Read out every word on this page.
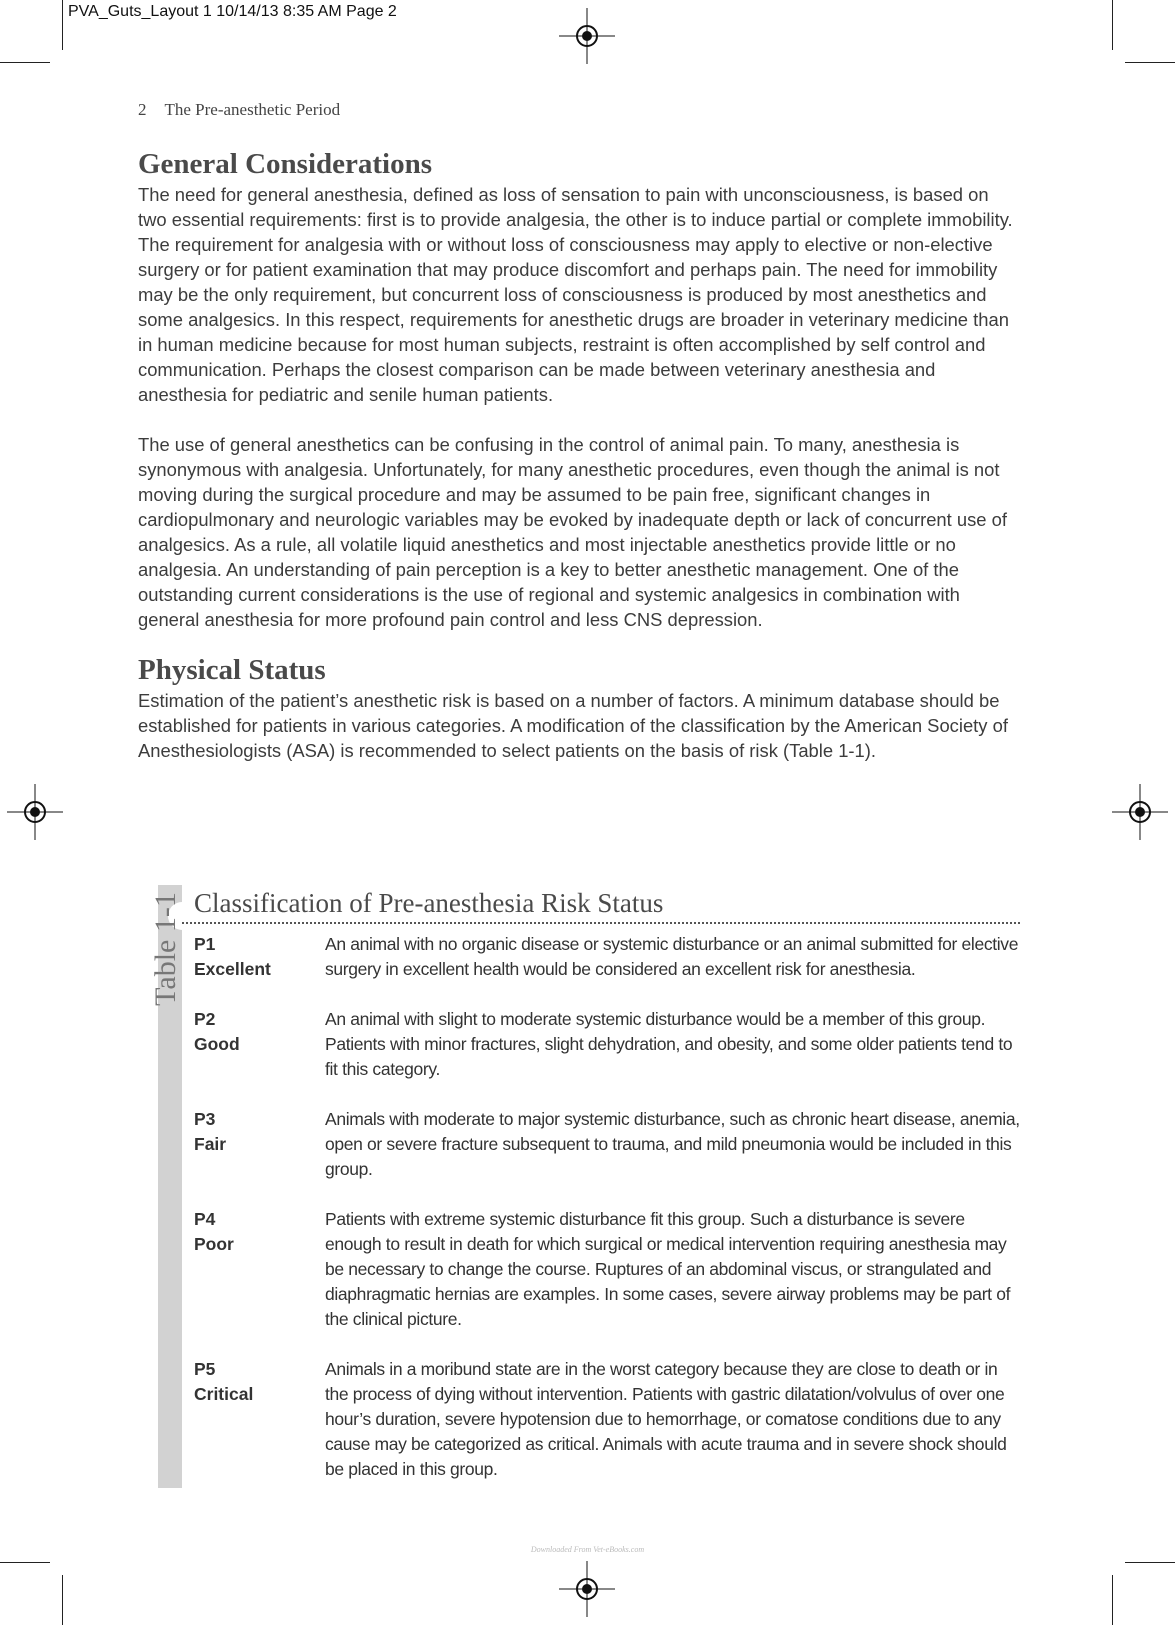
PVA_Guts_Layout 1 10/14/13 8:35 AM Page 2
2 The Pre-anesthetic Period
General Considerations

The need for general anesthesia, defined as loss of sensation to pain with unconsciousness, is based on two essential requirements: first is to provide analgesia, the other is to induce partial or complete immobility. The requirement for analgesia with or without loss of consciousness may apply to elective or non-elective surgery or for patient examination that may produce discomfort and perhaps pain. The need for immobility may be the only requirement, but concurrent loss of consciousness is produced by most anesthetics and some analgesics. In this respect, requirements for anesthetic drugs are broader in veterinary medicine than in human medicine because for most human subjects, restraint is often accomplished by self control and communication. Perhaps the closest comparison can be made between veterinary anesthesia and anesthesia for pediatric and senile human patients.

The use of general anesthetics can be confusing in the control of animal pain. To many, anesthesia is synonymous with analgesia. Unfortunately, for many anesthetic procedures, even though the animal is not moving during the surgical procedure and may be assumed to be pain free, significant changes in cardiopulmonary and neurologic variables may be evoked by inadequate depth or lack of concurrent use of analgesics. As a rule, all volatile liquid anesthetics and most injectable anesthetics provide little or no analgesia. An understanding of pain perception is a key to better anesthetic management. One of the outstanding current considerations is the use of regional and systemic analgesics in combination with general anesthesia for more profound pain control and less CNS depression.

Physical Status

Estimation of the patient’s anesthetic risk is based on a number of factors. A minimum database should be established for patients in various categories. A modification of the classification by the American Society of Anesthesiologists (ASA) is recommended to select patients on the basis of risk (Table 1-1).

Table 1-1 Classification of Pre-anesthesia Risk Status
P1
Excellent
An animal with no organic disease or systemic disturbance or an animal submitted for elective surgery in excellent health would be considered an excellent risk for anesthesia.
P2
Good
An animal with slight to moderate systemic disturbance would be a member of this group. Patients with minor fractures, slight dehydration, and obesity, and some older patients tend to fit this category.
P3
Fair
Animals with moderate to major systemic disturbance, such as chronic heart disease, anemia, open or severe fracture subsequent to trauma, and mild pneumonia would be included in this group.
P4
Poor
Patients with extreme systemic disturbance fit this group. Such a disturbance is severe enough to result in death for which surgical or medical intervention requiring anesthesia may be necessary to change the course. Ruptures of an abdominal viscus, or strangulated and diaphragmatic hernias are examples. In some cases, severe airway problems may be part of the clinical picture.
P5
Critical
Animals in a moribund state are in the worst category because they are close to death or in the process of dying without intervention. Patients with gastric dilatation/volvulus of over one hour’s duration, severe hypotension due to hemorrhage, or comatose conditions due to any cause may be categorized as critical. Animals with acute trauma and in severe shock should be placed in this group.
Downloaded From Vet-eBooks.com
